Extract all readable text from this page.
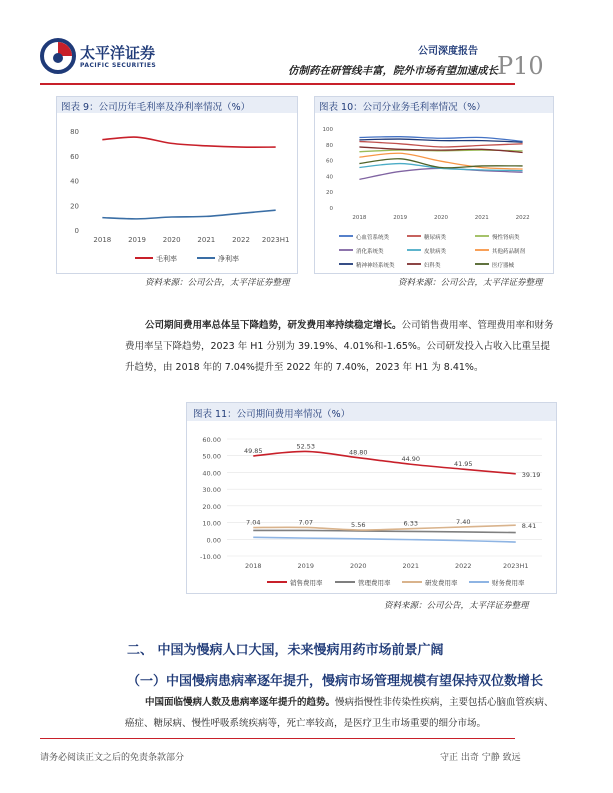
太平洋证券
PACIFIC SECURITIES
公司深度报告
仿制药在研管线丰富，院外市场有望加速成长 P10
图表 9：公司历年毛利率及净利率情况（%）
0
20
40
60
80
2018 2019 2020 2021 2022 2023H1
毛利率	净利率
资料来源：公司公告，太平洋证券整理
图表 10：公司分业务毛利率情况（%）
0
20
40
60
80
100
2018	2019	2020	2021	2022
心血管系统类	糖尿病类	慢性肾病类
消化系统类	皮肤病类	其他药品制剂
精神神经系统类	妇科类	医疗器械
资料来源：公司公告，太平洋证券整理
公司期间费用率总体呈下降趋势，研发费用率持续稳定增长。公司销售费用率、管理费用率和财务费用率呈下降趋势，2023 年 H1 分别为 39.19%、4.01%和-1.65%。公司研发投入占收入比重呈提升趋势，由 2018 年的 7.04%提升至 2022 年的 7.40%，2023 年 H1 为 8.41%。
图表 11：公司期间费用率情况（%）
-10.00
0.00
10.00
20.00
30.00
40.00
50.00
60.00
2018	2019	2020	2021	2022	2023H1
49.85
52.53
48.80
44.90
41.95
39.19
7.04	7.07	5.56	6.33	7.40
8.41
销售费用率	管理费用率	研发费用率	财务费用率
资料来源：公司公告，太平洋证券整理
二、 中国为慢病人口大国，未来慢病用药市场前景广阔
（一）中国慢病患病率逐年提升，慢病市场管理规模有望保持双位数增长
中国面临慢病人数及患病率逐年提升的趋势。慢病指慢性非传染性疾病，主要包括心脑血管疾病、癌症、糖尿病、慢性呼吸系统疾病等，死亡率较高，是医疗卫生市场重要的细分市场。
请务必阅读正文之后的免责条款部分	守正 出奇 宁静 致远
